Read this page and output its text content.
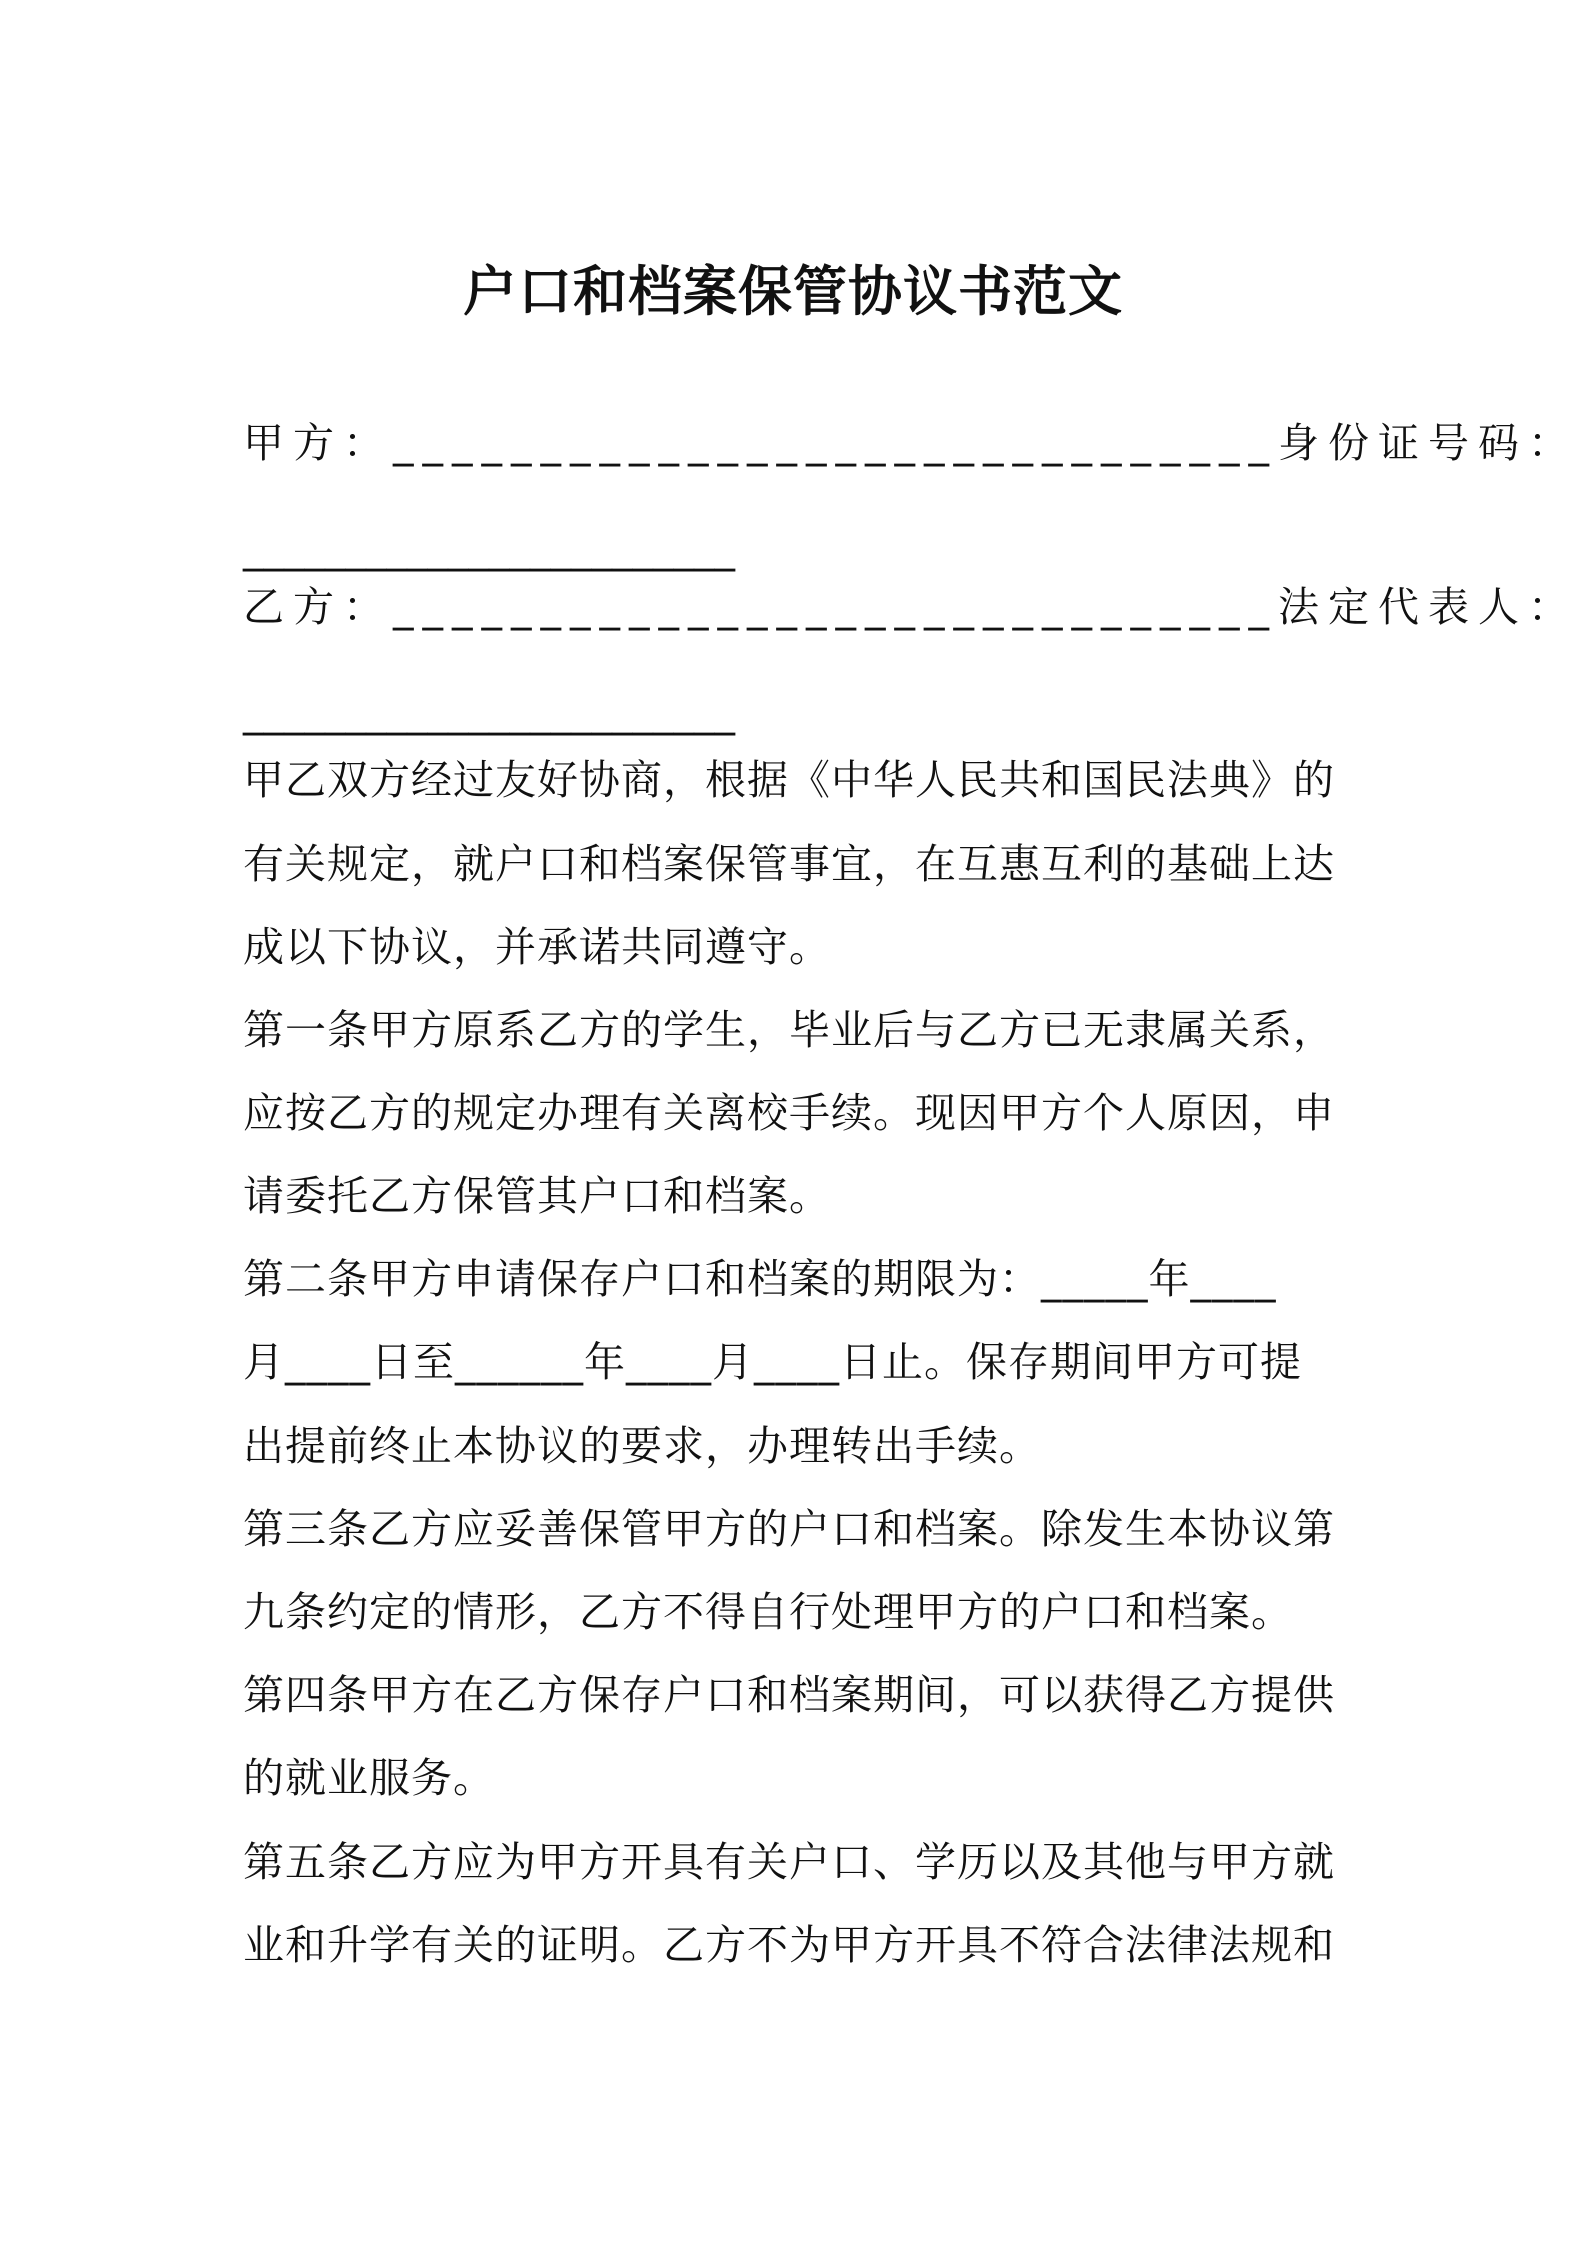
户口和档案保管协议书范文
甲方：______________________________身份证号码：
________________________
乙方：______________________________法定代表人：
________________________
甲乙双方经过友好协商，根据《中华人民共和国民法典》的
有关规定，就户口和档案保管事宜，在互惠互利的基础上达
成以下协议，并承诺共同遵守。
第一条甲方原系乙方的学生，毕业后与乙方已无隶属关系，
应按乙方的规定办理有关离校手续。现因甲方个人原因，申
请委托乙方保管其户口和档案。
第二条甲方申请保存户口和档案的期限为：_____年____
月____日至______年____月____日止。保存期间甲方可提
出提前终止本协议的要求，办理转出手续。
第三条乙方应妥善保管甲方的户口和档案。除发生本协议第
九条约定的情形，乙方不得自行处理甲方的户口和档案。
第四条甲方在乙方保存户口和档案期间，可以获得乙方提供
的就业服务。
第五条乙方应为甲方开具有关户口、学历以及其他与甲方就
业和升学有关的证明。乙方不为甲方开具不符合法律法规和
